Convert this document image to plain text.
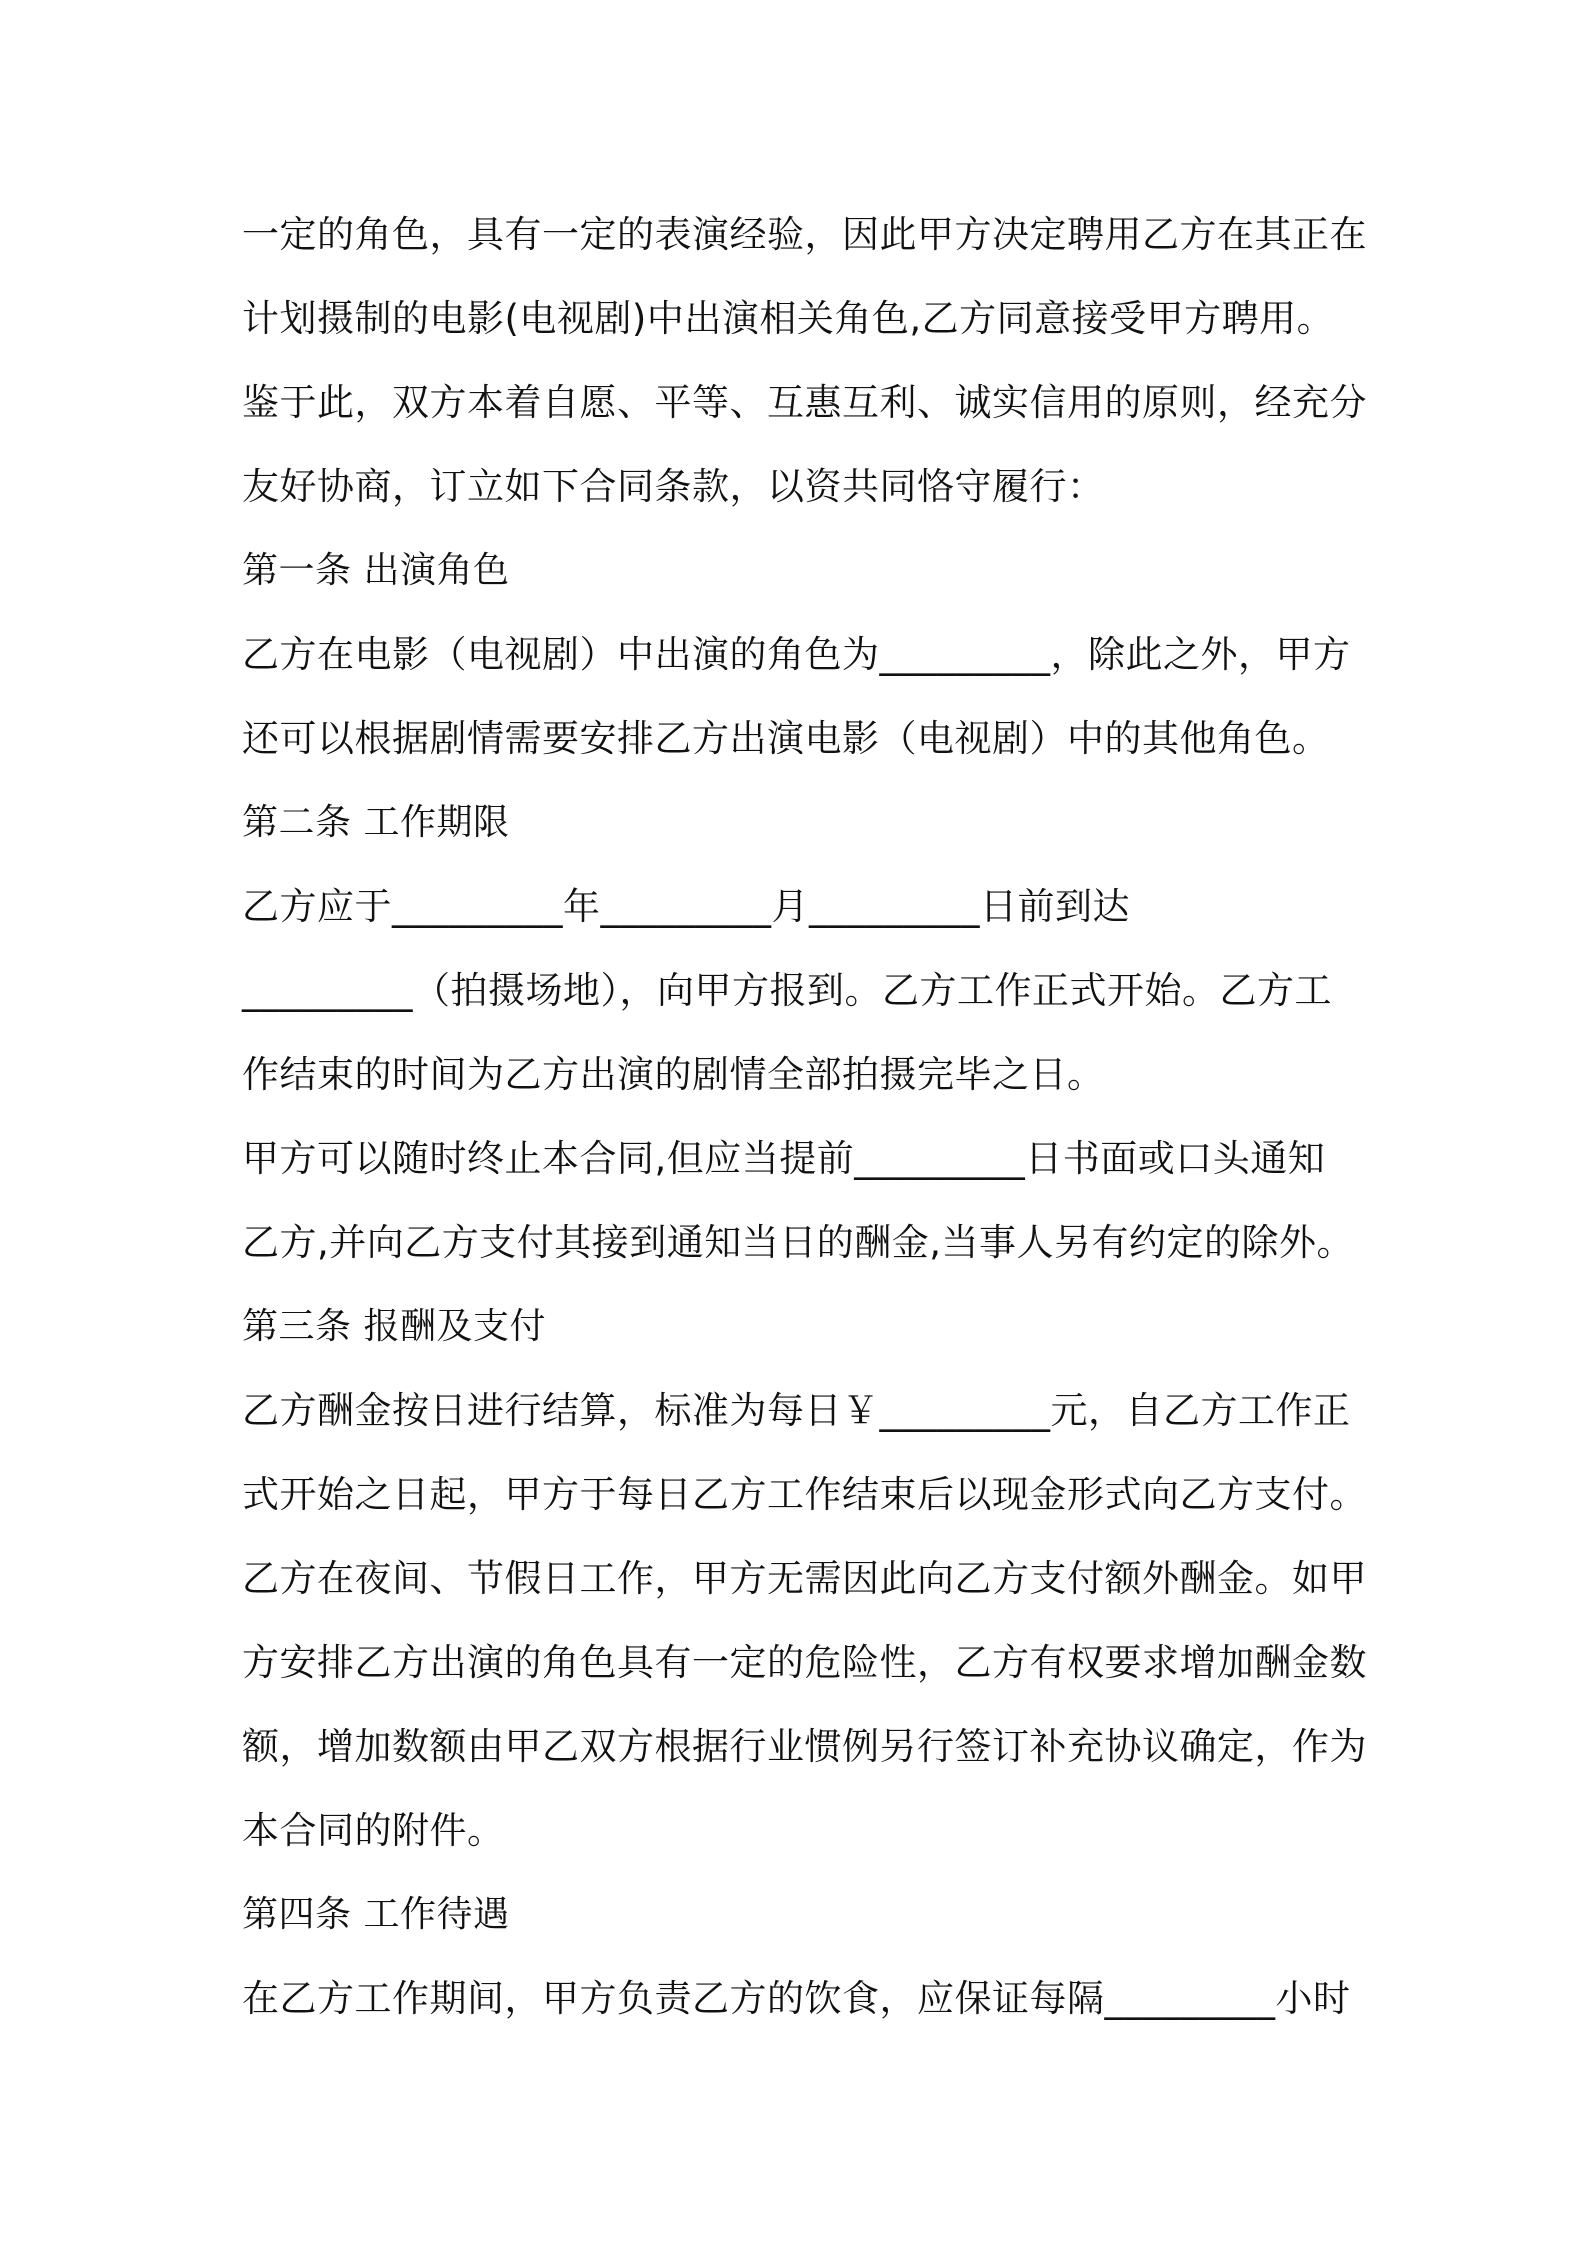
一定的角色，具有一定的表演经验，因此甲方决定聘用乙方在其正在
计划摄制的电影(电视剧)中出演相关角色,乙方同意接受甲方聘用。
鉴于此，双方本着自愿、平等、互惠互利、诚实信用的原则，经充分
友好协商，订立如下合同条款，以资共同恪守履行：
第一条 出演角色
乙方在电影（电视剧）中出演的角色为_________，除此之外，甲方
还可以根据剧情需要安排乙方出演电影（电视剧）中的其他角色。
第二条 工作期限
乙方应于_________年_________月_________日前到达
_________（拍摄场地），向甲方报到。乙方工作正式开始。乙方工
作结束的时间为乙方出演的剧情全部拍摄完毕之日。
甲方可以随时终止本合同,但应当提前_________日书面或口头通知
乙方,并向乙方支付其接到通知当日的酬金,当事人另有约定的除外。
第三条 报酬及支付
乙方酬金按日进行结算，标准为每日￥_________元，自乙方工作正
式开始之日起，甲方于每日乙方工作结束后以现金形式向乙方支付。
乙方在夜间、节假日工作，甲方无需因此向乙方支付额外酬金。如甲
方安排乙方出演的角色具有一定的危险性，乙方有权要求增加酬金数
额，增加数额由甲乙双方根据行业惯例另行签订补充协议确定，作为
本合同的附件。
第四条 工作待遇
在乙方工作期间，甲方负责乙方的饮食，应保证每隔_________小时
